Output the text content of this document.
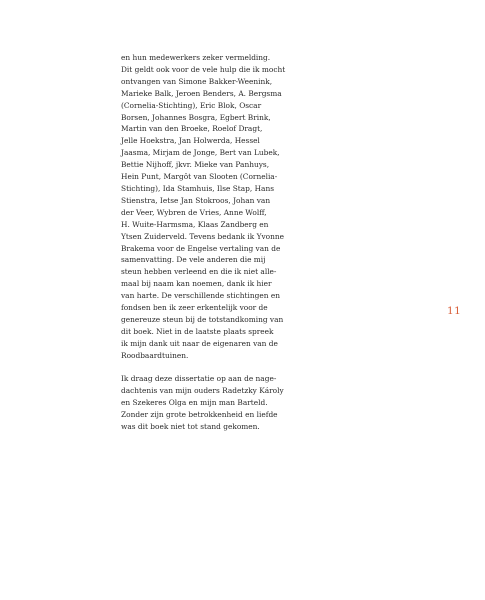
en hun medewerkers zeker vermelding.
Dit geldt ook voor de vele hulp die ik mocht
ontvangen van Simone Bakker-Weenink,
Marieke Balk, Jeroen Benders, A. Bergsma
(Cornelia-Stichting), Eric Blok, Oscar
Borsen, Johannes Bosgra, Egbert Brink,
Martin van den Broeke, Roelof Dragt,
Jelle Hoekstra, Jan Holwerda, Hessel
Jaasma, Mirjam de Jonge, Bert van Lubek,
Bettie Nijhoff, jkvr. Mieke van Panhuys,
Hein Punt, Margôt van Slooten (Cornelia-
Stichting), Ida Stamhuis, Ilse Stap, Hans
Stienstra, Ietse Jan Stokroos, Johan van
der Veer, Wybren de Vries, Anne Wolff,
H. Wuite-Harmsma, Klaas Zandberg en
Ytsen Zuiderveld. Tevens bedank ik Yvonne
Brakema voor de Engelse vertaling van de
samenvatting. De vele anderen die mij
steun hebben verleend en die ik niet alle-
maal bij naam kan noemen, dank ik hier
van harte. De verschillende stichtingen en
fondsen ben ik zeer erkentelijk voor de
genereuze steun bij de totstandkoming van
dit boek. Niet in de laatste plaats spreek
ik mijn dank uit naar de eigenaren van de
Roodbaardtuinen.
Ik draag deze dissertatie op aan de nage-
dachtenis van mijn ouders Radetzky Károly
en Szekeres Olga en mijn man Barteld.
Zonder zijn grote betrokkenheid en liefde
was dit boek niet tot stand gekomen.
11
